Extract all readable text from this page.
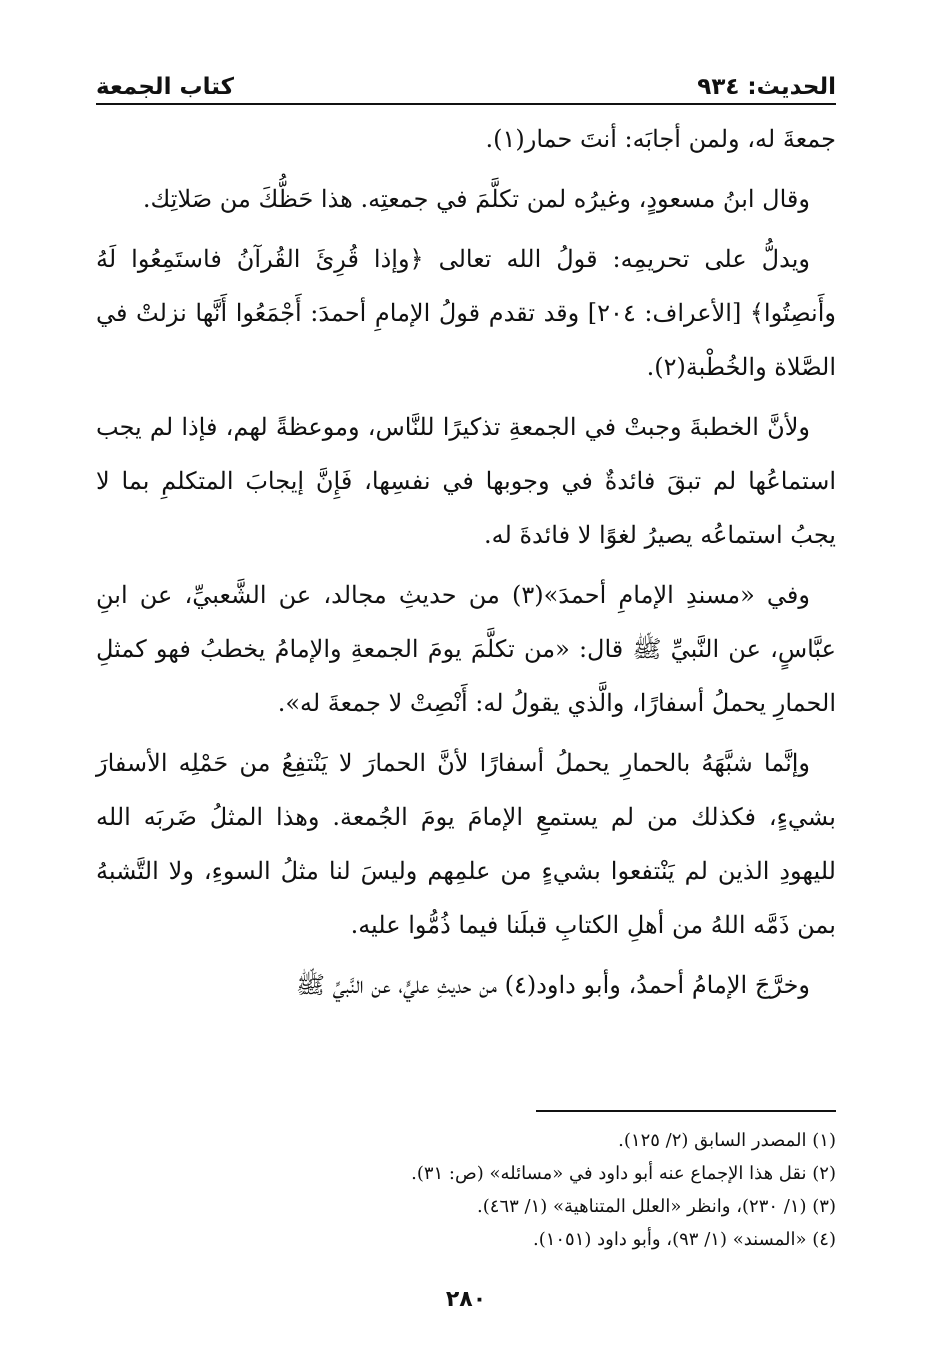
الحديث: ٩٣٤
كتاب الجمعة

جمعةَ له، ولمن أجابَه: أنتَ حمار(١).

وقال ابنُ مسعودٍ، وغيرُه لمن تكلَّمَ في جمعتِه. هذا حَظُّكَ من صَلاتِك.

ويدلُّ على تحريمِه: قولُ الله تعالى ﴿وإذا قُرِئَ القُرآنُ فاستَمِعُوا لَهُ وأَنصِتُوا﴾ [الأعراف: ٢٠٤] وقد تقدم قولُ الإمامِ أحمدَ: أَجْمَعُوا أَنَّها نزلتْ في الصَّلاة والخُطْبة(٢).

ولأنَّ الخطبةَ وجبتْ في الجمعةِ تذكيرًا للنَّاس، وموعظةً لهم، فإذا لم يجب استماعُها لم تبقَ فائدةٌ في وجوبها في نفسِها، فَإِنَّ إيجابَ المتكلمِ بما لا يجبُ استماعُه يصيرُ لغوًا لا فائدةَ له.

وفي «مسندِ الإمامِ أحمدَ»(٣) من حديثِ مجالد، عن الشَّعبيِّ، عن ابنِ عبَّاسٍ، عن النَّبيِّ ﷺ قال: «من تكلَّمَ يومَ الجمعةِ والإمامُ يخطبُ فهو كمثلِ الحمارِ يحملُ أسفارًا، والَّذي يقولُ له: أَنْصِتْ لا جمعةَ له».

وإنَّما شبَّهَهُ بالحمارِ يحملُ أسفارًا لأنَّ الحمارَ لا يَنْتفِعُ من حَمْلِه الأسفارَ بشيءٍ، فكذلك من لم يستمعِ الإمامَ يومَ الجُمعة. وهذا المثلُ ضَربَه الله لليهودِ الذين لم يَنْتفعوا بشيءٍ من علمِهم وليسَ لنا مثلُ السوءِ، ولا التَّشبهُ بمن ذَمَّه اللهُ من أهلِ الكتابِ قبلَنا فيما ذُمُّوا عليه.

وخرَّجَ الإمامُ أحمدُ، وأبو داود(٤) من حديثِ عليٍّ، عن النَّبيِّ ﷺ

(١) المصدر السابق (٢/ ١٢٥).

(٢) نقل هذا الإجماع عنه أبو داود في «مسائله» (ص: ٣١).

(٣) (١/ ٢٣٠)، وانظر «العلل المتناهية» (١/ ٤٦٣).

(٤) «المسند» (١/ ٩٣)، وأبو داود (١٠٥١).

٢٨٠
